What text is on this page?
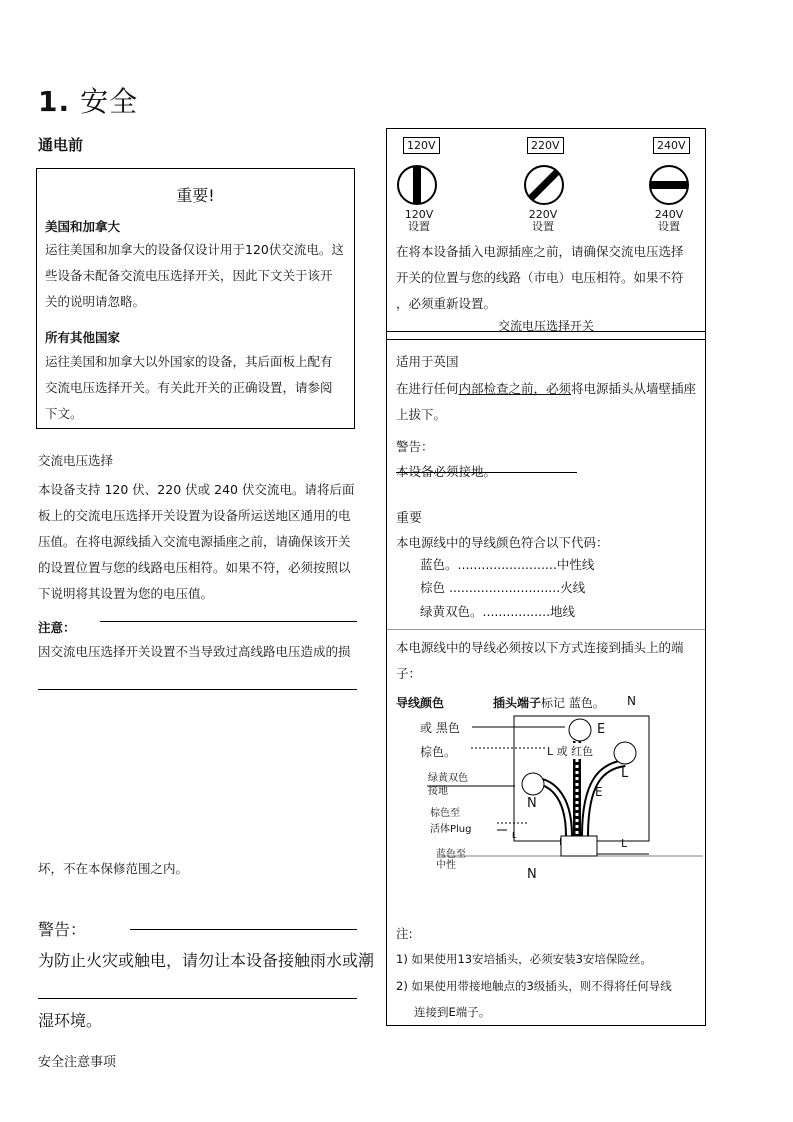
1. 安全
通电前
重要!
美国和加拿大
运往美国和加拿大的设备仅设计用于120伏交流电。这
些设备未配备交流电压选择开关，因此下文关于该开
关的说明请忽略。
所有其他国家
运往美国和加拿大以外国家的设备，其后面板上配有
交流电压选择开关。有关此开关的正确设置，请参阅
下文。
交流电压选择
本设备支持 120 伏、220 伏或 240 伏交流电。请将后面
板上的交流电压选择开关设置为设备所运送地区通用的电
压值。在将电源线插入交流电源插座之前，请确保该开关
的设置位置与您的线路电压相符。如果不符，必须按照以
下说明将其设置为您的电压值。
注意：
因交流电压选择开关设置不当导致过高线路电压造成的损
坏，不在本保修范围之内。
警告：
为防止火灾或触电，请勿让本设备接触雨水或潮
湿环境。
安全注意事项
120V	220V	240V
120V
设置
220V
设置
240V
设置
在将本设备插入电源插座之前，请确保交流电压选择
开关的位置与您的线路（市电）电压相符。如果不符
，必须重新设置。
交流电压选择开关
适用于英国
在进行任何内部检查之前，必须将电源插头从墙壁插座
上拔下。
警告：
本设备必须接地。
重要
本电源线中的导线颜色符合以下代码：
蓝色。.........................中性线
棕色 ............................火线
绿黄双色。.................地线
本电源线中的导线必须按以下方式连接到插头上的端
子：
导线颜色	插头端子标记 蓝色。 N
或 黑色
棕色。	L 或 红色
E
L
绿黄双色
接地
N
E
棕色至
活体Plug
L
I	L
蓝色至
中性
N
注:
1) 如果使用13安培插头，必须安装3安培保险丝。
2) 如果使用带接地触点的3级插头，则不得将任何导线
连接到E端子。
